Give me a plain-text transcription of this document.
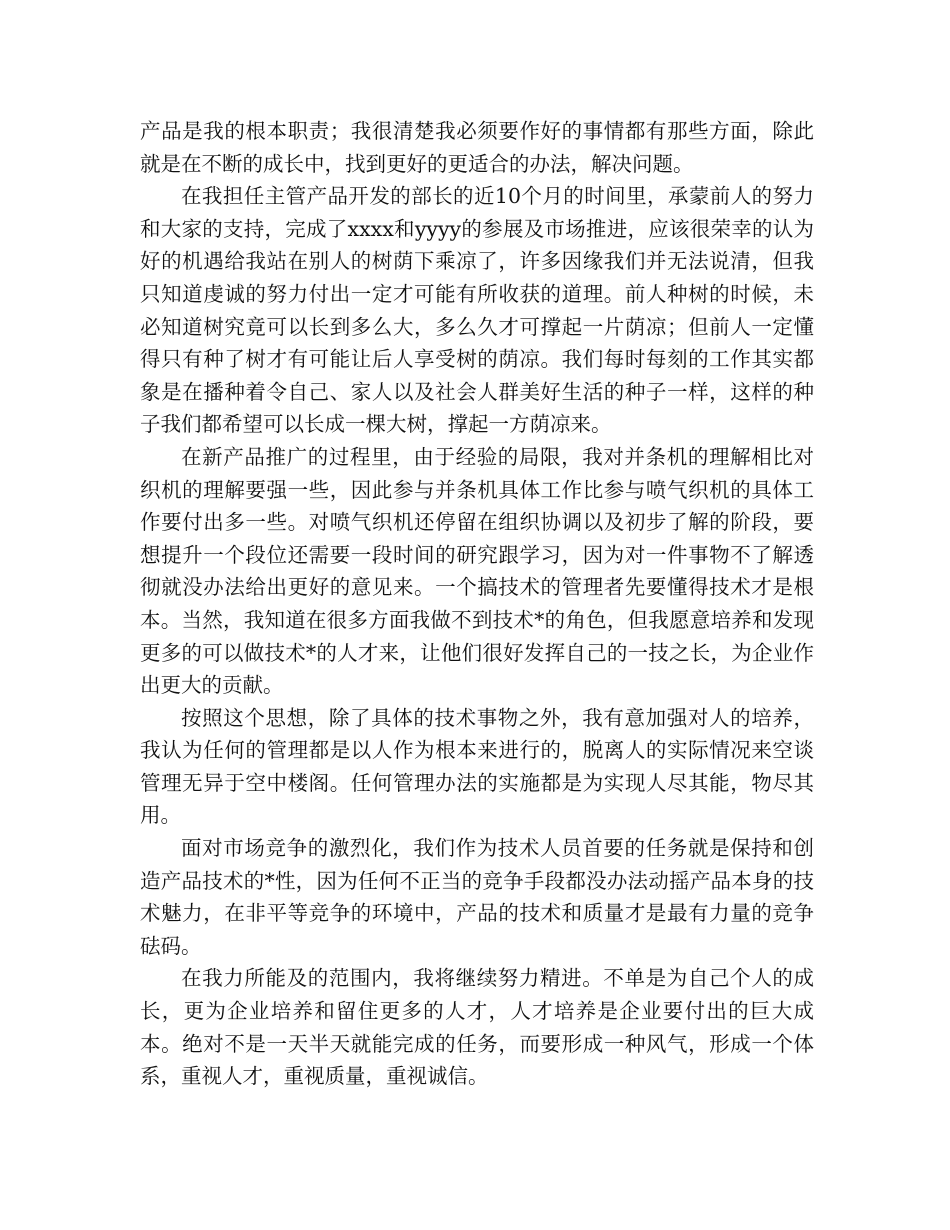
产品是我的根本职责；我很清楚我必须要作好的事情都有那些方面，除此就是在不断的成长中，找到更好的更适合的办法，解决问题。

在我担任主管产品开发的部长的近10个月的时间里，承蒙前人的努力和大家的支持，完成了xxxx和yyyy的参展及市场推进，应该很荣幸的认为好的机遇给我站在别人的树荫下乘凉了，许多因缘我们并无法说清，但我只知道虔诚的努力付出一定才可能有所收获的道理。前人种树的时候，未必知道树究竟可以长到多么大，多么久才可撑起一片荫凉；但前人一定懂得只有种了树才有可能让后人享受树的荫凉。我们每时每刻的工作其实都象是在播种着令自己、家人以及社会人群美好生活的种子一样，这样的种子我们都希望可以长成一棵大树，撑起一方荫凉来。

在新产品推广的过程里，由于经验的局限，我对并条机的理解相比对织机的理解要强一些，因此参与并条机具体工作比参与喷气织机的具体工作要付出多一些。对喷气织机还停留在组织协调以及初步了解的阶段，要想提升一个段位还需要一段时间的研究跟学习，因为对一件事物不了解透彻就没办法给出更好的意见来。一个搞技术的管理者先要懂得技术才是根本。当然，我知道在很多方面我做不到技术*的角色，但我愿意培养和发现更多的可以做技术*的人才来，让他们很好发挥自己的一技之长，为企业作出更大的贡献。

按照这个思想，除了具体的技术事物之外，我有意加强对人的培养，我认为任何的管理都是以人作为根本来进行的，脱离人的实际情况来空谈管理无异于空中楼阁。任何管理办法的实施都是为实现人尽其能，物尽其用。

面对市场竞争的激烈化，我们作为技术人员首要的任务就是保持和创造产品技术的*性，因为任何不正当的竞争手段都没办法动摇产品本身的技术魅力，在非平等竞争的环境中，产品的技术和质量才是最有力量的竞争砝码。

在我力所能及的范围内，我将继续努力精进。不单是为自己个人的成长，更为企业培养和留住更多的人才，人才培养是企业要付出的巨大成本。绝对不是一天半天就能完成的任务，而要形成一种风气，形成一个体系，重视人才，重视质量，重视诚信。
